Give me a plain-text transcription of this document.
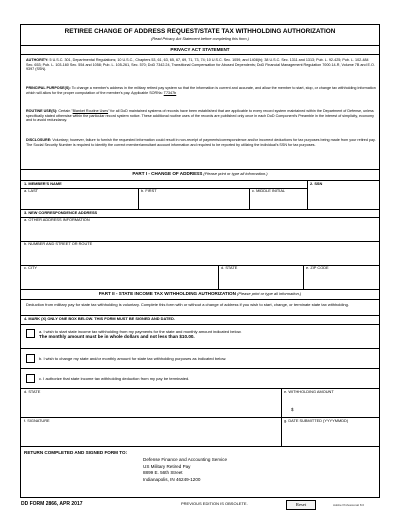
RETIREE CHANGE OF ADDRESS REQUEST/STATE TAX WITHHOLDING AUTHORIZATION
(Read Privacy Act Statement before completing this form.)
PRIVACY ACT STATEMENT
AUTHORITY: 5 U.S.C. 301, Departmental Regulations; 10 U.S.C., Chapters 53, 61, 63, 65, 67, 69, 71, 73, 74; 10 U.S.C. Sec. 1059, and 1408(h); 38 U.S.C. Sec. 1311 and 1313; Pub. L. 92-425; Pub. L. 102-484 Sec. 653; Pub. L. 103-160 Sec. 554 and 1058; Pub. L. 105-261, Sec. 570; DoD 7342.24, Transitional Compensation for Abused Dependents; DoD Financial Management Regulation 7000.14-R, Volume 7B and E.O. 9397 (SSN).
PRINCIPAL PURPOSE(S): To change a member's address in the military retired pay system so that the information is current and accurate, and allow the member to start, stop, or change tax withholding information which will allow for the proper computation of the member's pay. Applicable SORNs: T7347b
ROUTINE USE(S): Certain "Blanket Routine Uses" for all DoD maintained systems of records have been established that are applicable to every record system maintained within the Department of Defense, unless specifically stated otherwise within the particular record system notice. These additional routine uses of the records are published only once in each DoD Component's Preamble in the interest of simplicity, economy and to avoid redundancy.
DISCLOSURE: Voluntary; however, failure to furnish the requested information could result in non-receipt of payments/correspondence and/or incorrect deductions for tax purposes being made from your retired pay. The Social Security Number is required to identify the correct member/annuitant account information and required to be reported by utilizing the individual's SSN for tax purposes.
PART I - CHANGE OF ADDRESS (Please print or type all information.)
1. MEMBER'S NAME	2. SSN
a. LAST	b. FIRST	c. MIDDLE INITIAL
3. NEW CORRESPONDENCE ADDRESS
a. OTHER ADDRESS INFORMATION
b. NUMBER AND STREET OR ROUTE
c. CITY	d. STATE	e. ZIP CODE
PART II - STATE INCOME TAX WITHHOLDING AUTHORIZATION (Please print or type all information.)
Deduction from military pay for state tax withholding is voluntary. Complete this form with or without a change of address if you wish to start, change, or terminate state tax withholding.
4. MARK (X) ONLY ONE BOX BELOW. THIS FORM MUST BE SIGNED AND DATED.
a. I wish to start state income tax withholding from my payments for the state and monthly amount indicated below.
The monthly amount must be in whole dollars and not less than $10.00.
b. I wish to change my state and/or monthly amount for state tax withholding purposes as indicated below.
c. I authorize that state income tax withholding deduction from my pay be terminated.
d. STATE	e. WITHHOLDING AMOUNT
$
f. SIGNATURE	g. DATE SUBMITTED (YYYYMMDD)
RETURN COMPLETED AND SIGNED FORM TO:
Defense Finance and Accounting Service
US Military Retired Pay
8899 E. 56th Street
Indianapolis, IN 46249-1200
DD FORM 2866, APR 2017	PREVIOUS EDITION IS OBSOLETE.	Reset	Adobe Professional 8.0
